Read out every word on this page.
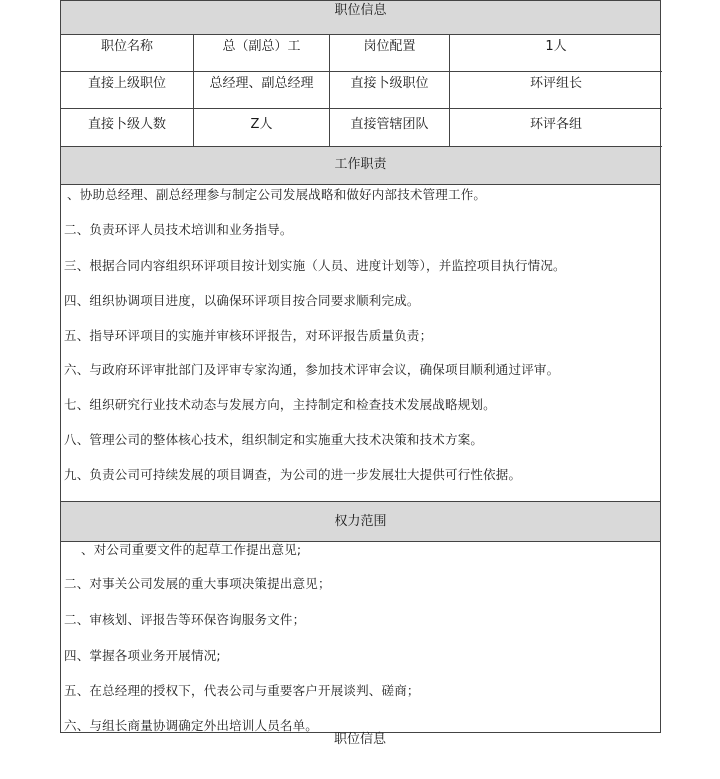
职位信息
职位名称	总（副总）工	岗位配置	1人
直接上级职位	总经理、副总经理	直接卜级职位	环评组长
直接卜级人数	Z人	直接管辖团队	环评各组
工作职责
、协助总经理、副总经理参与制定公司发展战略和做好内部技术管理工作。
二、负责环评人员技术培训和业务指导。
三、根据合同内容组织环评项目按计划实施（人员、进度计划等），并监控项目执行情况。
四、组织协调项目进度，以确保环评项目按合同要求顺利完成。
五、指导环评项目的实施并审核环评报告，对环评报告质量负责；
六、与政府环评审批部门及评审专家沟通，参加技术评审会议，确保项目顺利通过评审。
七、组织研究行业技术动态与发展方向，主持制定和检查技术发展战略规划。
八、管理公司的整体核心技术，组织制定和实施重大技术决策和技术方案。
九、负责公司可持续发展的项目调查，为公司的进一步发展壮大提供可行性依据。
权力范围
、对公司重要文件的起草工作提出意见;
二、对事关公司发展的重大事项决策提出意见；
二、审核划、评报告等环保咨询服务文件；
四、掌握各项业务开展情况;
五、在总经理的授权下，代表公司与重要客户开展谈判、磋商；
六、与组长商量协调确定外出培训人员名单。
职位信息
